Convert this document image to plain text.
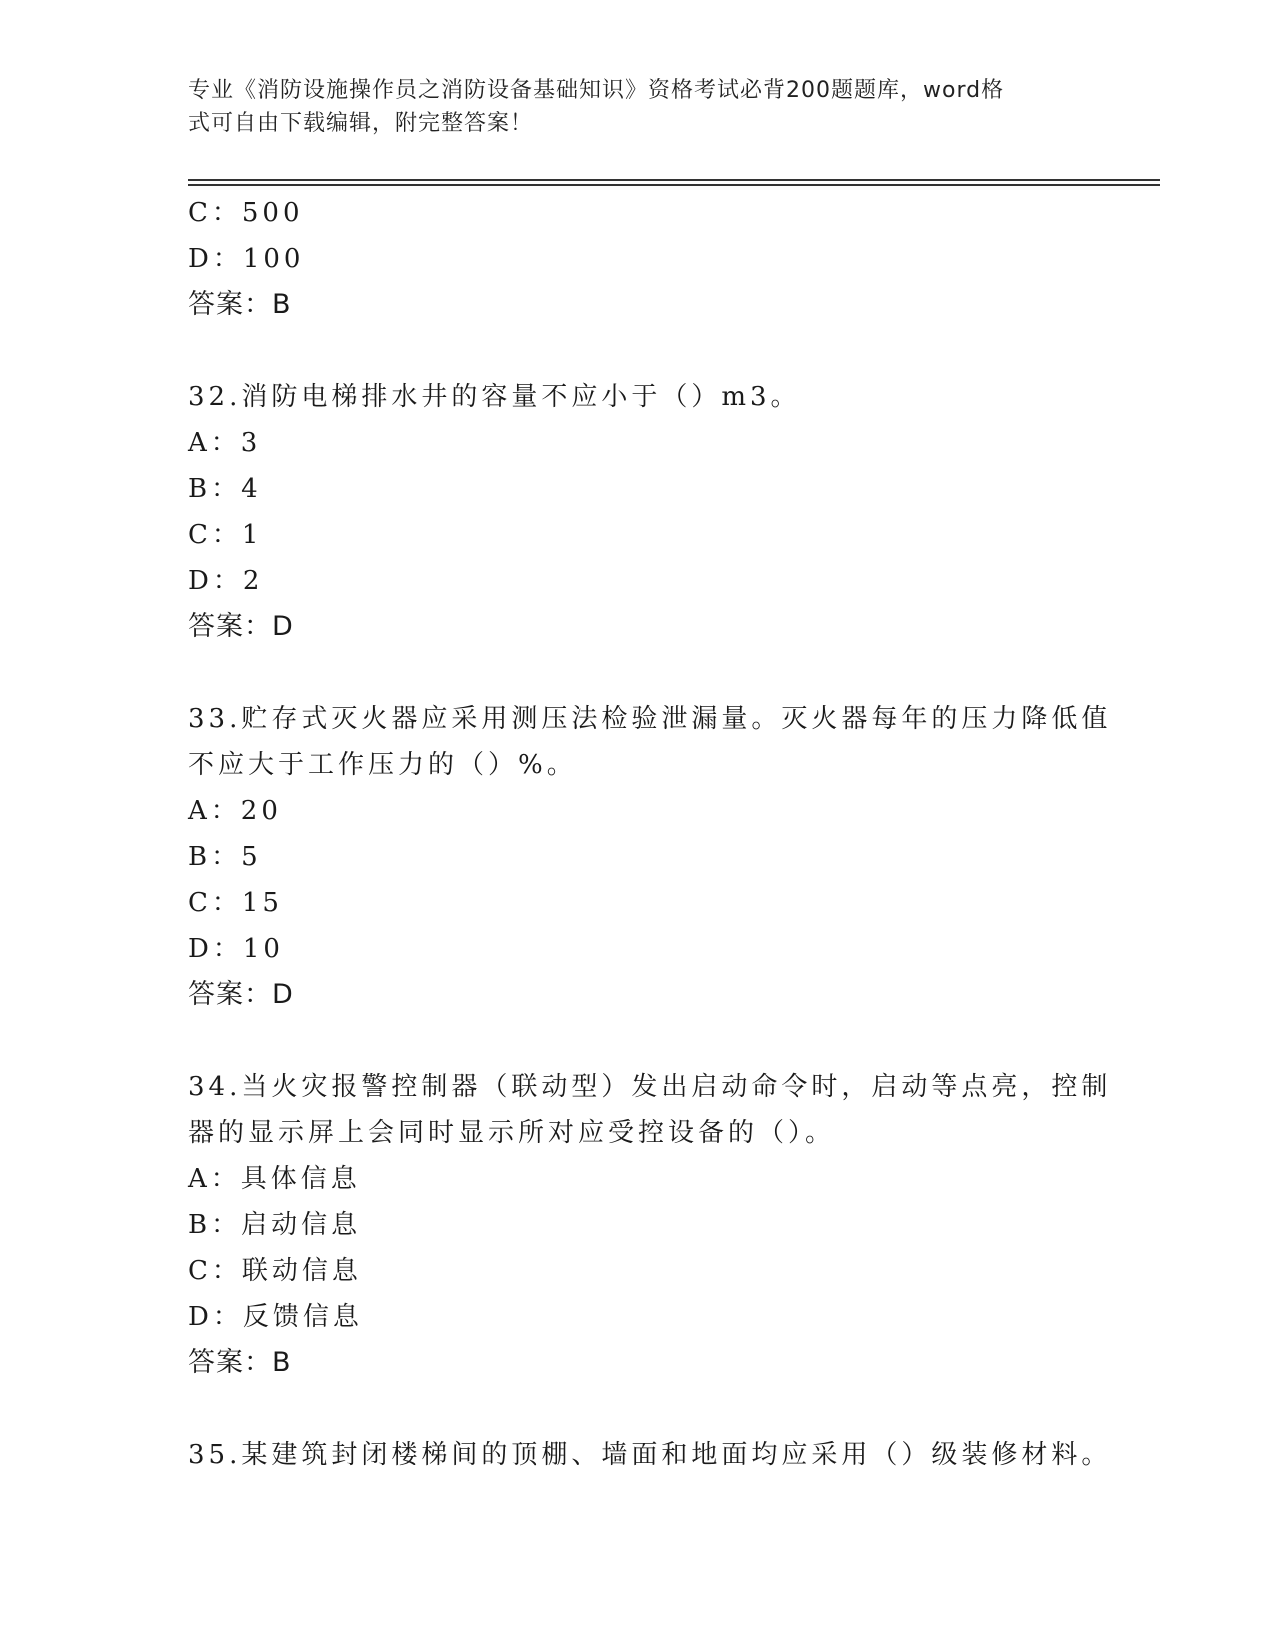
专业《消防设施操作员之消防设备基础知识》资格考试必背200题题库，word格
式可自由下载编辑，附完整答案！
C：500
D：100
答案：B
32.消防电梯排水井的容量不应小于（）m3。
A：3
B：4
C：1
D：2
答案：D
33.贮存式灭火器应采用测压法检验泄漏量。灭火器每年的压力降低值
不应大于工作压力的（）%。
A：20
B：5
C：15
D：10
答案：D
34.当火灾报警控制器（联动型）发出启动命令时，启动等点亮，控制
器的显示屏上会同时显示所对应受控设备的（）。
A：具体信息
B：启动信息
C：联动信息
D：反馈信息
答案：B
35.某建筑封闭楼梯间的顶棚、墙面和地面均应采用（）级装修材料。
